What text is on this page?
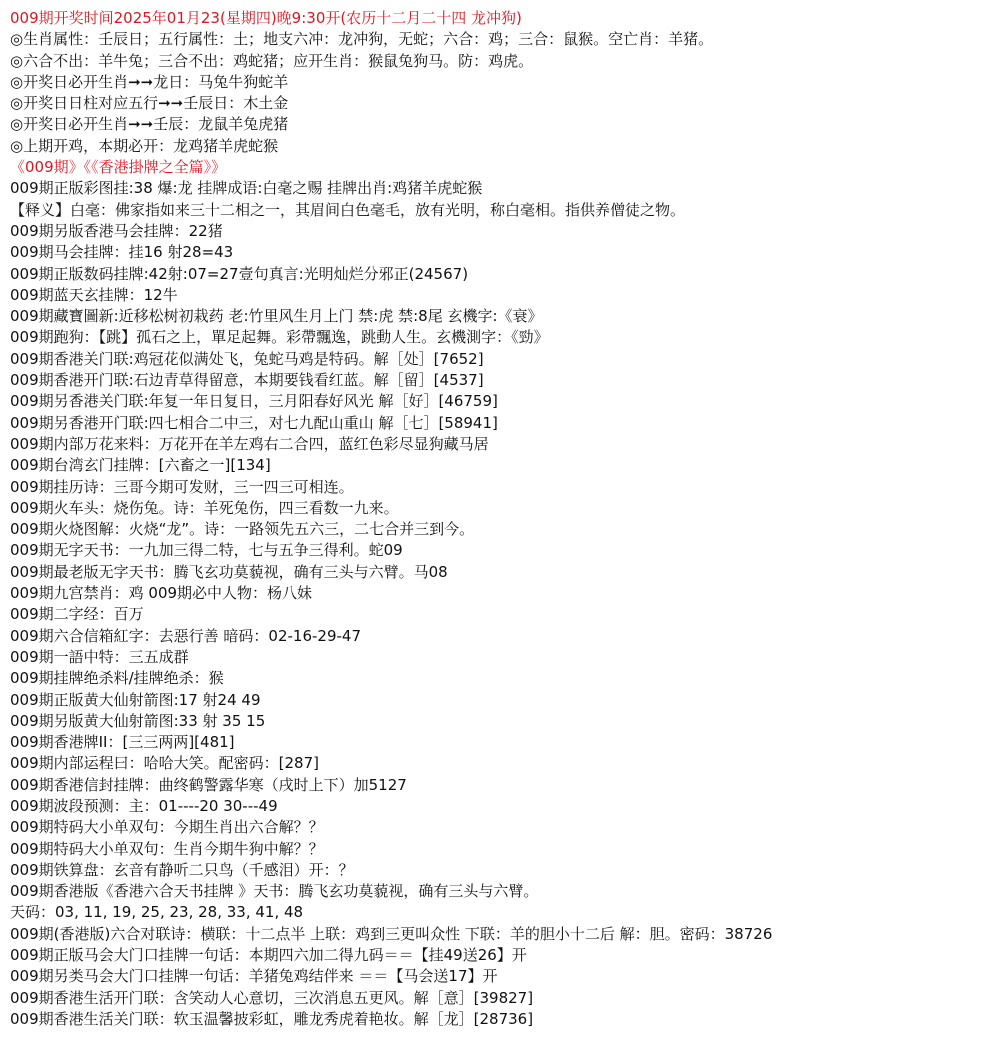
009期开奖时间2025年01月23(星期四)晚9:30开(农历十二月二十四 龙冲狗)
◎生肖属性：壬辰日；五行属性：土；地支六冲：龙冲狗，无蛇；六合：鸡；三合：鼠猴。空亡肖：羊猪。
◎六合不出：羊牛兔；三合不出：鸡蛇猪；应开生肖：猴鼠兔狗马。防：鸡虎。
◎开奖日必开生肖➞➞龙日：马兔牛狗蛇羊
◎开奖日日柱对应五行➞➞壬辰日：木土金
◎开奖日必开生肖➞➞壬辰：龙鼠羊兔虎猪
◎上期开鸡，本期必开：龙鸡猪羊虎蛇猴
《009期》《《香港掛牌之全篇》》
009期正版彩图挂:38 爆:龙 挂牌成语:白毫之赐 挂牌出肖:鸡猪羊虎蛇猴
【释义】白毫：佛家指如来三十二相之一，其眉间白色毫毛，放有光明，称白毫相。指供养僧徒之物。
009期另版香港马会挂牌：22猪
009期马会挂牌：挂16 射28=43
009期正版数码挂牌:42射:07=27壹句真言:光明灿烂分邪正(24567)
009期蓝天玄挂牌：12牛
009期藏寶圖新:近移松树初栽药 老:竹里风生月上门 禁:虎 禁:8尾 玄機字:《衰》
009期跑狗：【跳】孤石之上，單足起舞。彩帶飄逸，跳動人生。玄機測字：《勁》
009期香港关门联:鸡冠花似满处飞，兔蛇马鸡是特码。解［处］[7652]
009期香港开门联:石边青草得留意，本期要钱看红蓝。解［留］[4537]
009期另香港关门联:年复一年日复日，三月阳春好风光 解［好］[46759]
009期另香港开门联:四七相合二中三，对七九配山重山 解［七］[58941]
009期内部万花来料：万花开在羊左鸡右二合四，蓝红色彩尽显狗藏马居
009期台湾玄门挂牌：[六畜之一][134]
009期挂历诗：三哥今期可发财，三一四三可相连。
009期火车头：烧伤兔。诗：羊死兔伤，四三看数一九来。
009期火烧图解：火烧“龙”。诗：一路领先五六三，二七合并三到今。
009期无字天书：一九加三得二特，七与五争三得利。蛇09
009期最老版无字天书：腾飞玄功莫藐视，确有三头与六臂。马08
009期九宫禁肖：鸡 009期必中人物：杨八妹
009期二字经：百万
009期六合信箱紅字：去惡行善 暗码：02-16-29-47
009期一語中特：三五成群
009期挂牌绝杀料/挂牌绝杀：猴
009期正版黄大仙射箭图:17 射24 49
009期另版黄大仙射箭图:33 射 35 15
009期香港牌II：[三三两两][481]
009期内部运程曰：哈哈大笑。配密码：[287]
009期香港信封挂牌：曲终鹤警露华寒（戌时上下）加5127
009期波段预测：主：01----20 30---49
009期特码大小单双句：今期生肖出六合解？？
009期特码大小单双句：生肖今期牛狗中解？？
009期铁算盘：玄音有静听二只鸟（千感泪）开：？
009期香港版《香港六合天书挂牌 》天书：腾飞玄功莫藐视，确有三头与六臂。
天码：03, 11, 19, 25, 23, 28, 33, 41, 48
009期(香港版)六合对联诗：横联：十二点半 上联：鸡到三更叫众性 下联：羊的胆小十二后 解：胆。密码：38726
009期正版马会大门口挂牌一句话：本期四六加二得九码＝＝【挂49送26】开
009期另类马会大门口挂牌一句话：羊猪兔鸡结伴来 ＝＝【马会送17】开
009期香港生活开门联：含笑动人心意切，三次消息五更风。解［意］[39827]
009期香港生活关门联：软玉温馨披彩虹，雕龙秀虎着艳妆。解［龙］[28736]
